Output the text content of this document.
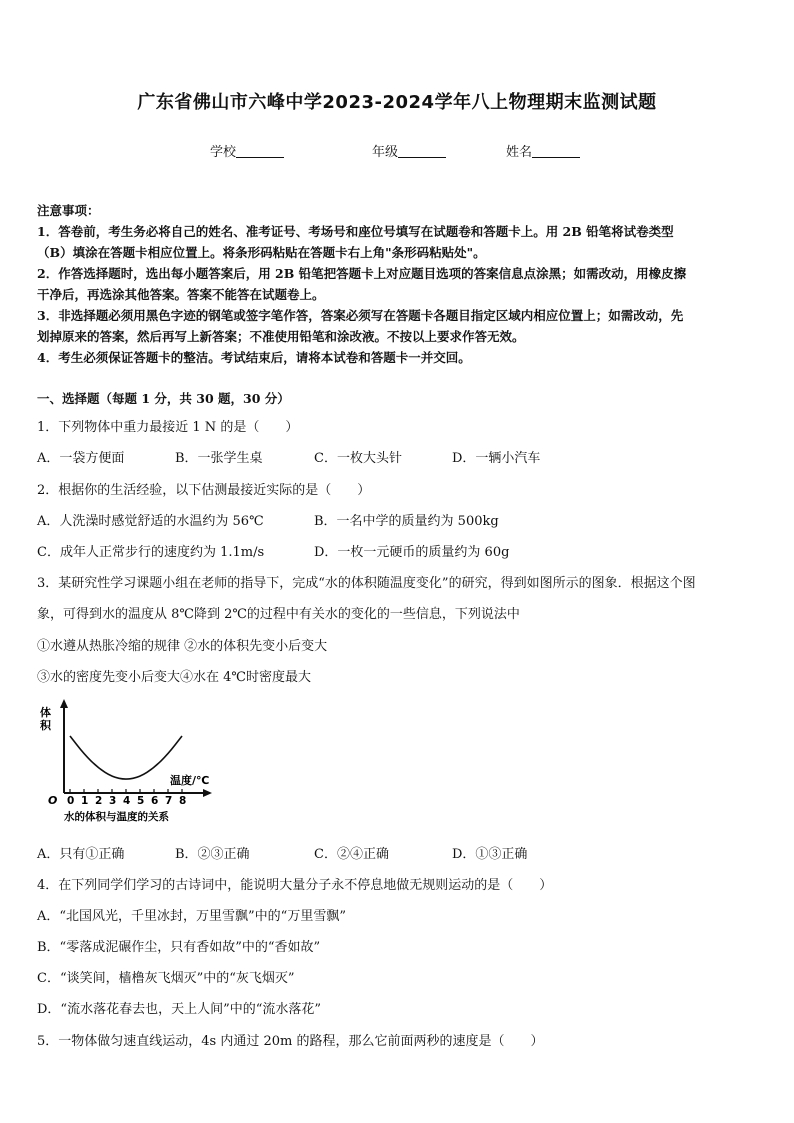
广东省佛山市六峰中学2023-2024学年八上物理期末监测试题
学校	年级	姓名
注意事项：
1．答卷前，考生务必将自己的姓名、准考证号、考场号和座位号填写在试题卷和答题卡上。用 2B 铅笔将试卷类型
（B）填涂在答题卡相应位置上。将条形码粘贴在答题卡右上角"条形码粘贴处"。
2．作答选择题时，选出每小题答案后，用 2B 铅笔把答题卡上对应题目选项的答案信息点涂黑；如需改动，用橡皮擦
干净后，再选涂其他答案。答案不能答在试题卷上。
3．非选择题必须用黑色字迹的钢笔或签字笔作答，答案必须写在答题卡各题目指定区域内相应位置上；如需改动，先
划掉原来的答案，然后再写上新答案；不准使用铅笔和涂改液。不按以上要求作答无效。
4．考生必须保证答题卡的整洁。考试结束后，请将本试卷和答题卡一并交回。
一、选择题（每题 1 分，共 30 题，30 分）
1．下列物体中重力最接近 1 N 的是（　　）
A．一袋方便面	B．一张学生桌	C．一枚大头针	D．一辆小汽车
2．根据你的生活经验，以下估测最接近实际的是（　　）
A．人洗澡时感觉舒适的水温约为 56℃	B．一名中学的质量约为 500kg
C．成年人正常步行的速度约为 1.1m/s	D．一枚一元硬币的质量约为 60g
3．某研究性学习课题小组在老师的指导下，完成“水的体积随温度变化”的研究，得到如图所示的图象．根据这个图
象，可得到水的温度从 8℃降到 2℃的过程中有关水的变化的一些信息，下列说法中
①水遵从热胀冷缩的规律 ②水的体积先变小后变大
③水的密度先变小后变大④水在 4℃时密度最大
体
积
温度/℃
O 0 1 2 3 4 5 6 7 8
水的体积与温度的关系
A．只有①正确	B．②③正确	C．②④正确	D．①③正确
4．在下列同学们学习的古诗词中，能说明大量分子永不停息地做无规则运动的是（　　）
A．“北国风光，千里冰封，万里雪飘”中的“万里雪飘”
B．“零落成泥碾作尘，只有香如故”中的“香如故”
C．“谈笑间，樯橹灰飞烟灭”中的“灰飞烟灭”
D．“流水落花春去也，天上人间”中的“流水落花”
5．一物体做匀速直线运动，4s 内通过 20m 的路程，那么它前面两秒的速度是（　　）
